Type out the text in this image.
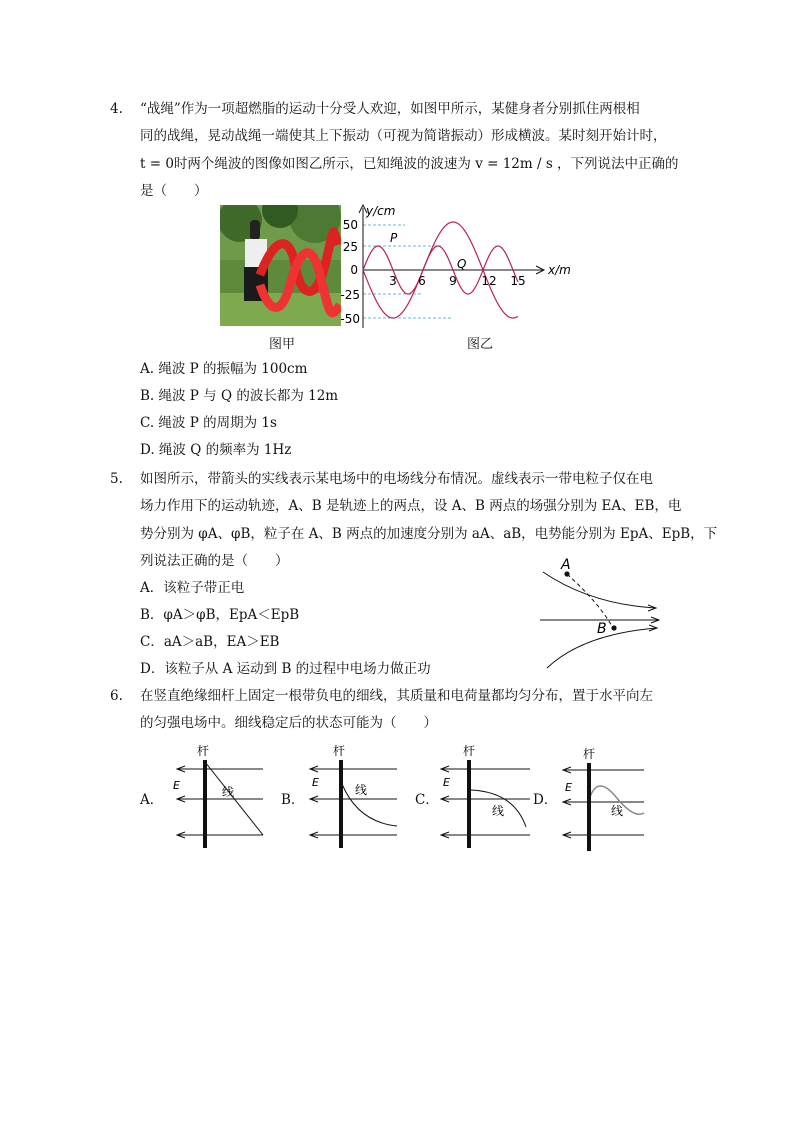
4.	“战绳”作为一项超燃脂的运动十分受人欢迎，如图甲所示，某健身者分别抓住两根相
同的战绳，晃动战绳一端使其上下振动（可视为简谐振动）形成横波。某时刻开始计时，
t = 0时两个绳波的图像如图乙所示，已知绳波的波速为 v = 12m / s ，下列说法中正确的
是（　　）
y/cm
x/m
50
25
0
-25
-50
3 6 9 12 15
P
Q
图甲	图乙
A. 绳波 P 的振幅为 100cm
B. 绳波 P 与 Q 的波长都为 12m
C. 绳波 P 的周期为 1s
D. 绳波 Q 的频率为 1Hz
5.	如图所示，带箭头的实线表示某电场中的电场线分布情况。虚线表示一带电粒子仅在电
场力作用下的运动轨迹，A、B 是轨迹上的两点，设 A、B 两点的场强分别为 EA、EB，电
势分别为 φA、φB，粒子在 A、B 两点的加速度分别为 aA、aB，电势能分别为 EpA、EpB，下
列说法正确的是（　　）
A．该粒子带正电
B．φA＞φB，EpA＜EpB
C．aA＞aB，EA＞EB
D．该粒子从 A 运动到 B 的过程中电场力做正功
A
B
6.	在竖直绝缘细杆上固定一根带负电的细线，其质量和电荷量都均匀分布，置于水平向左
的匀强电场中。细线稳定后的状态可能为（　　）
A．	B．	C．	D．
杆
E	线
杆
E
线
杆
E
线
杆
E
线
